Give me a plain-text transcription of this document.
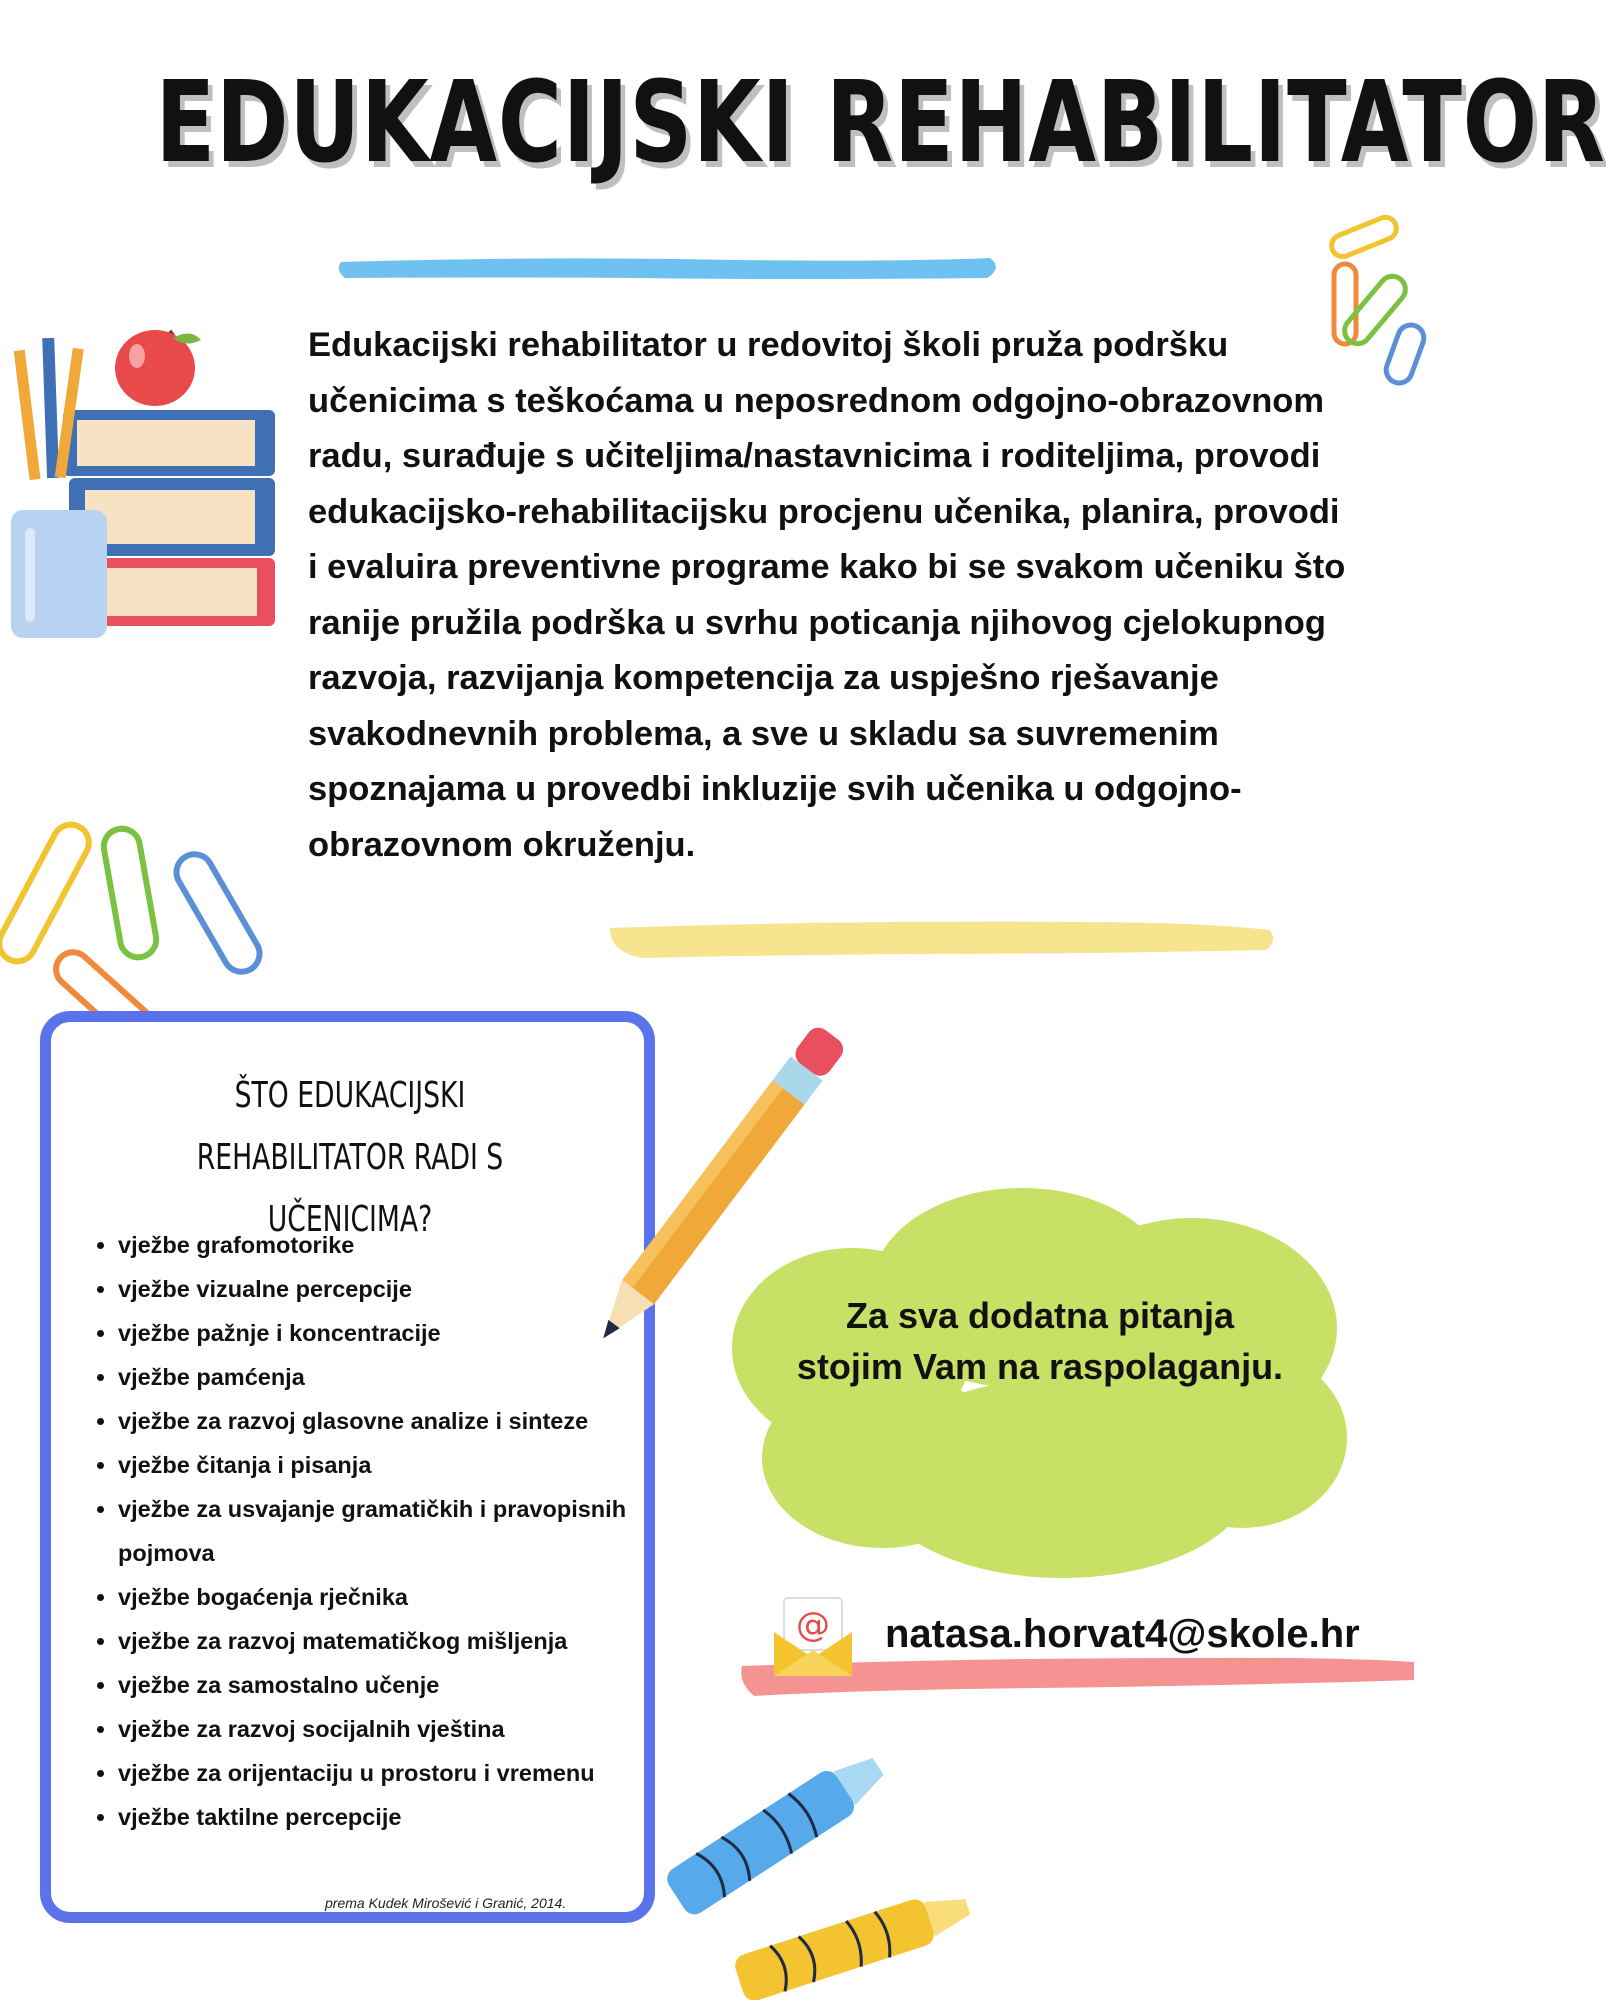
EDUKACIJSKI REHABILITATOR
Edukacijski rehabilitator u redovitoj školi pruža podršku učenicima s teškoćama u neposrednom odgojno-obrazovnom radu, surađuje s učiteljima/nastavnicima i roditeljima, provodi edukacijsko-rehabilitacijsku procjenu učenika, planira, provodi i evaluira preventivne programe kako bi se svakom učeniku što ranije pružila podrška u svrhu poticanja njihovog cjelokupnog razvoja, razvijanja kompetencija za uspješno rješavanje svakodnevnih problema, a sve u skladu sa suvremenim spoznajama u provedbi inkluzije svih učenika u odgojno-obrazovnom okruženju.
ŠTO EDUKACIJSKI REHABILITATOR RADI S UČENICIMA?
• vježbe grafomotorike
• vježbe vizualne percepcije
• vježbe pažnje i koncentracije
• vježbe pamćenja
• vježbe za razvoj glasovne analize i sinteze
• vježbe čitanja i pisanja
• vježbe za usvajanje gramatičkih i pravopisnih pojmova
• vježbe bogaćenja rječnika
• vježbe za razvoj matematičkog mišljenja
• vježbe za samostalno učenje
• vježbe za razvoj socijalnih vještina
• vježbe za orijentaciju u prostoru i vremenu
• vježbe taktilne percepcije
prema Kudek Mirošević i Granić, 2014.
Za sva dodatna pitanja stojim Vam na raspolaganju.
@ natasa.horvat4@skole.hr
